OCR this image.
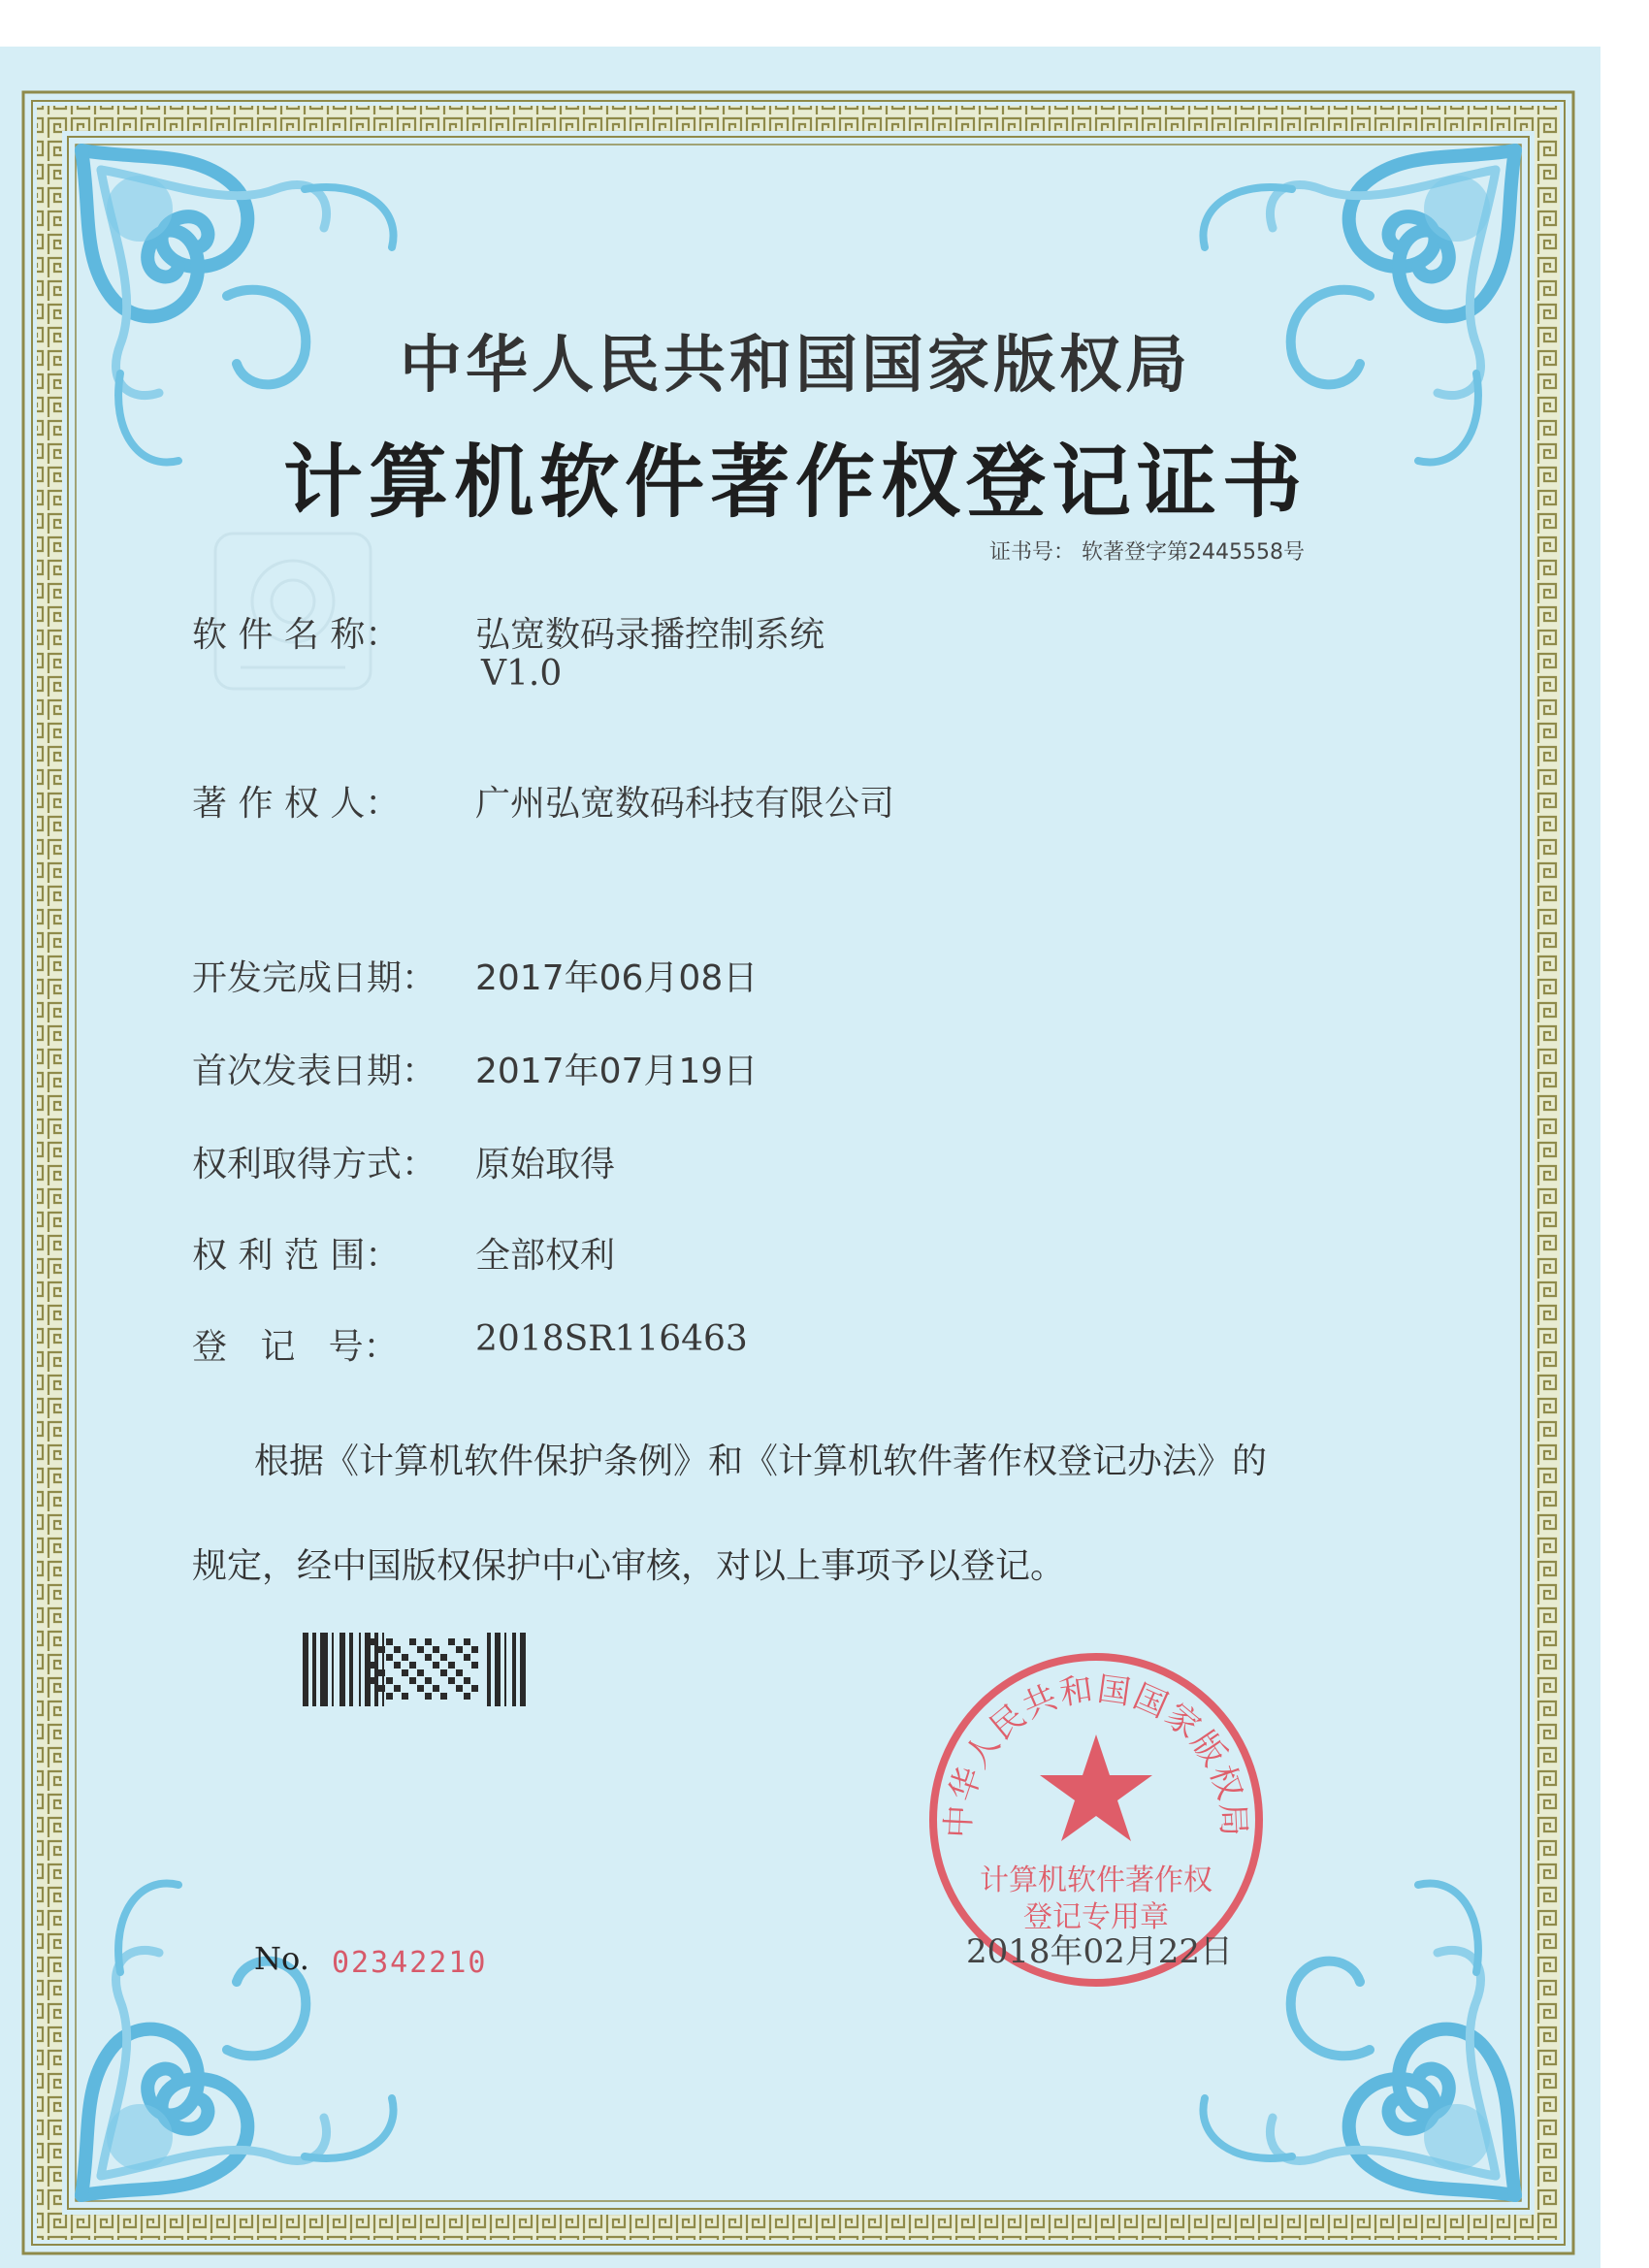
中华人民共和国国家版权局
计算机软件著作权登记证书
证书号： 软著登字第2445558号
软 件 名 称： 弘宽数码录播控制系统
V1.0
著 作 权 人： 广州弘宽数码科技有限公司
开发完成日期： 2017年06月08日
首次发表日期： 2017年07月19日
权利取得方式： 原始取得
权 利 范 围： 全部权利
登   记   号： 2018SR116463
根据《计算机软件保护条例》和《计算机软件著作权登记办法》的
规定，经中国版权保护中心审核，对以上事项予以登记。
中华人民共和国国家版权局
计算机软件著作权
登记专用章
2018年02月22日
No. 02342210
